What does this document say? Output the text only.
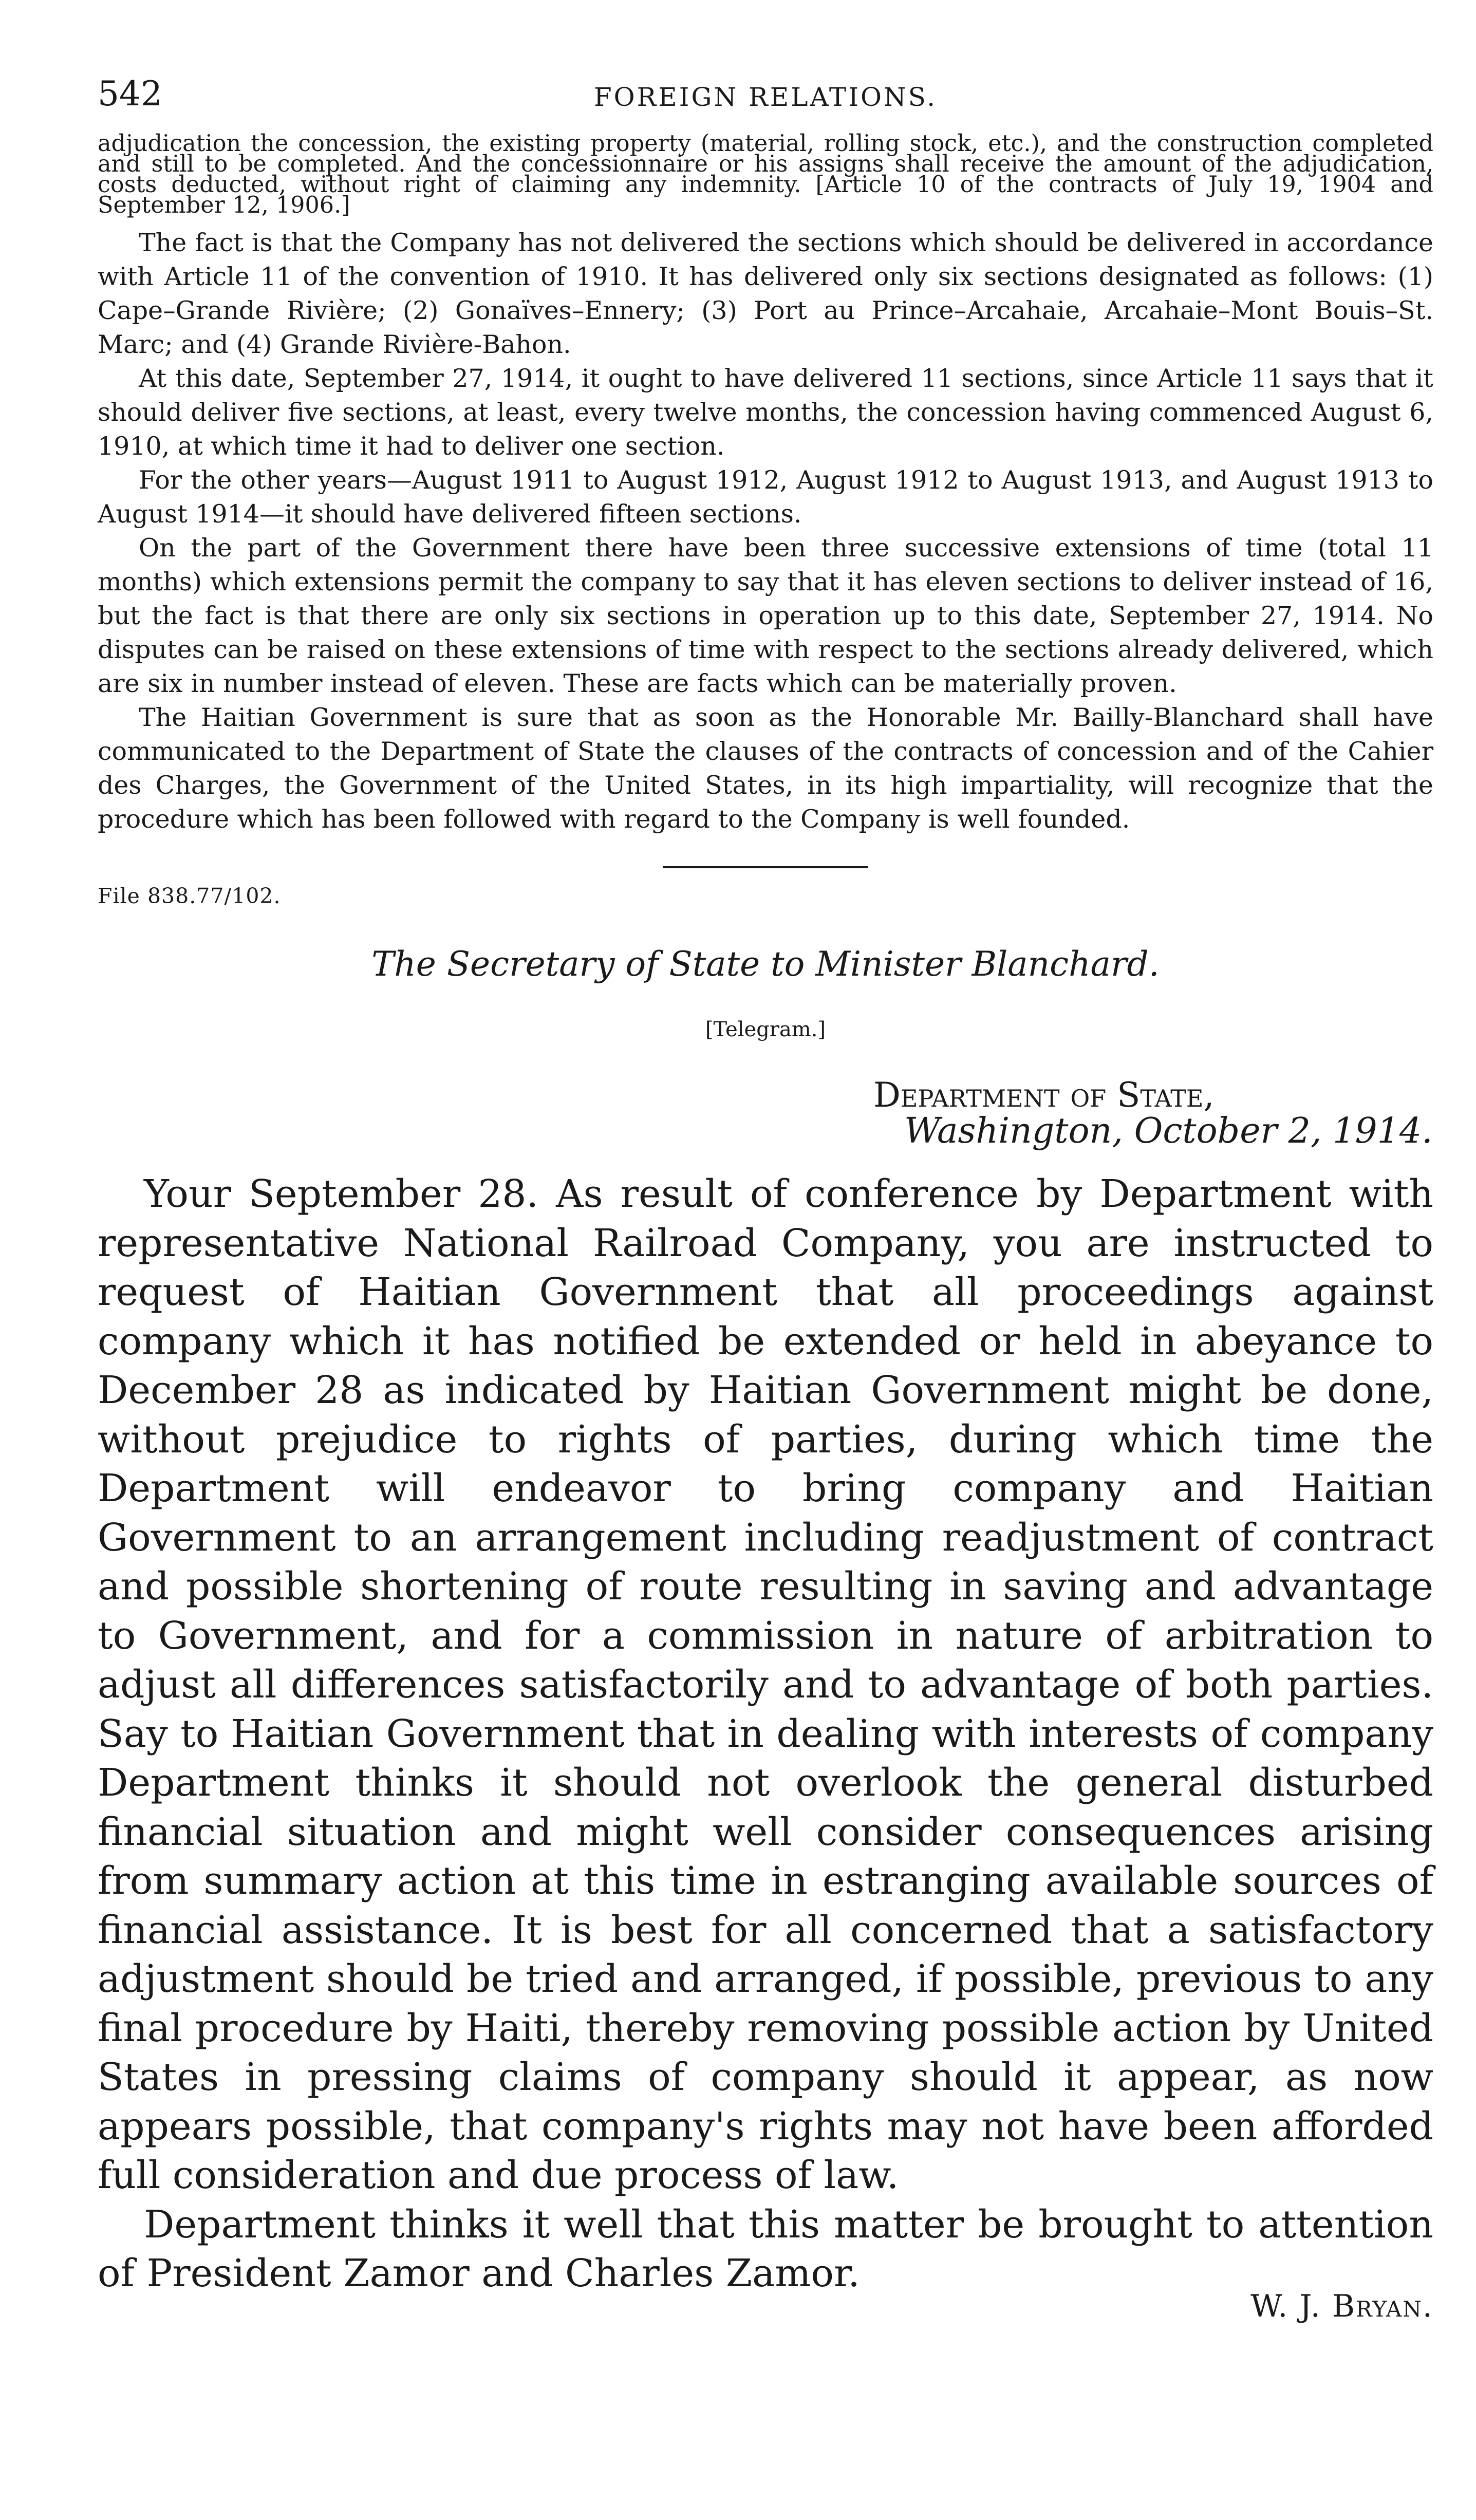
542	FOREIGN RELATIONS.

adjudication the concession, the existing property (material, rolling stock, etc.), and the construction completed and still to be completed. And the concessionnaire or his assigns shall receive the amount of the adjudication, costs deducted, without right of claiming any indemnity. [Article 10 of the contracts of July 19, 1904 and September 12, 1906.]

The fact is that the Company has not delivered the sections which should be delivered in accordance with Article 11 of the convention of 1910. It has delivered only six sections designated as follows: (1) Cape–Grande Rivière; (2) Gonaïves–Ennery; (3) Port au Prince–Arcahaie, Arcahaie–Mont Bouis–St. Marc; and (4) Grande Rivière-Bahon.

At this date, September 27, 1914, it ought to have delivered 11 sections, since Article 11 says that it should deliver five sections, at least, every twelve months, the concession having commenced August 6, 1910, at which time it had to deliver one section.

For the other years—August 1911 to August 1912, August 1912 to August 1913, and August 1913 to August 1914—it should have delivered fifteen sections.

On the part of the Government there have been three successive extensions of time (total 11 months) which extensions permit the company to say that it has eleven sections to deliver instead of 16, but the fact is that there are only six sections in operation up to this date, September 27, 1914. No disputes can be raised on these extensions of time with respect to the sections already delivered, which are six in number instead of eleven. These are facts which can be materially proven.

The Haitian Government is sure that as soon as the Honorable Mr. Bailly-Blanchard shall have communicated to the Department of State the clauses of the contracts of concession and of the Cahier des Charges, the Government of the United States, in its high impartiality, will recognize that the procedure which has been followed with regard to the Company is well founded.

File 838.77/102.
The Secretary of State to Minister Blanchard.
[Telegram.]
Department of State,
Washington, October 2, 1914.

Your September 28. As result of conference by Department with representative National Railroad Company, you are instructed to request of Haitian Government that all proceedings against company which it has notified be extended or held in abeyance to December 28 as indicated by Haitian Government might be done, without prejudice to rights of parties, during which time the Department will endeavor to bring company and Haitian Government to an arrangement including readjustment of contract and possible shortening of route resulting in saving and advantage to Government, and for a commission in nature of arbitration to adjust all differences satisfactorily and to advantage of both parties. Say to Haitian Government that in dealing with interests of company Department thinks it should not overlook the general disturbed financial situation and might well consider consequences arising from summary action at this time in estranging available sources of financial assistance. It is best for all concerned that a satisfactory adjustment should be tried and arranged, if possible, previous to any final procedure by Haiti, thereby removing possible action by United States in pressing claims of company should it appear, as now appears possible, that company's rights may not have been afforded full consideration and due process of law.

Department thinks it well that this matter be brought to attention of President Zamor and Charles Zamor.

W. J. Bryan.
